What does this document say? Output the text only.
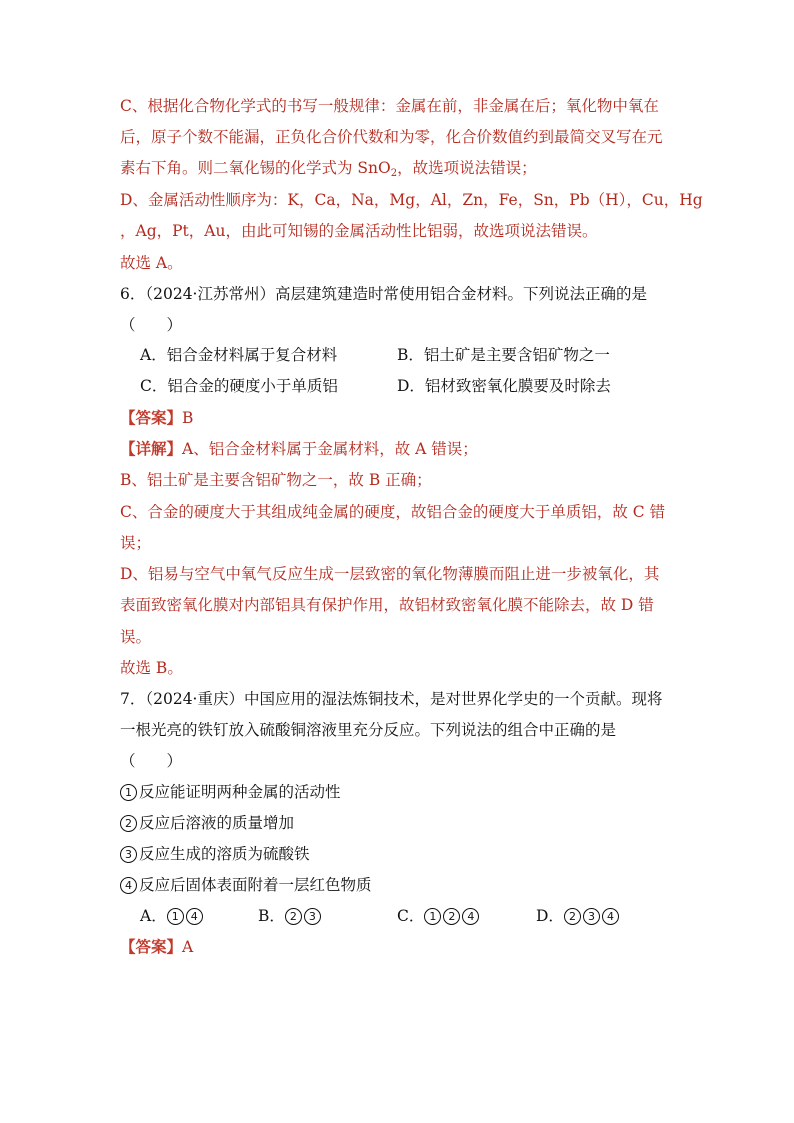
C、根据化合物化学式的书写一般规律：金属在前，非金属在后；氧化物中氧在
后，原子个数不能漏，正负化合价代数和为零，化合价数值约到最简交叉写在元
素右下角。则二氧化锡的化学式为 SnO$_2$，故选项说法错误；
D、金属活动性顺序为：K，Ca，Na，Mg，Al，Zn，Fe，Sn，Pb（H），Cu，Hg
，Ag，Pt，Au，由此可知锡的金属活动性比铝弱，故选项说法错误。
故选 A。
6．（2024·江苏常州）高层建筑建造时常使用铝合金材料。下列说法正确的是
（　　）
A．铝合金材料属于复合材料	B．铝土矿是主要含铝矿物之一
C．铝合金的硬度小于单质铝	D．铝材致密氧化膜要及时除去
【答案】B
【详解】A、铝合金材料属于金属材料，故 A 错误；
B、铝土矿是主要含铝矿物之一，故 B 正确；
C、合金的硬度大于其组成纯金属的硬度，故铝合金的硬度大于单质铝，故 C 错
误；
D、铝易与空气中氧气反应生成一层致密的氧化物薄膜而阻止进一步被氧化，其
表面致密氧化膜对内部铝具有保护作用，故铝材致密氧化膜不能除去，故 D 错
误。
故选 B。
7．（2024·重庆）中国应用的湿法炼铜技术，是对世界化学史的一个贡献。现将
一根光亮的铁钉放入硫酸铜溶液里充分反应。下列说法的组合中正确的是
（　　）
1 反应能证明两种金属的活动性
2 反应后溶液的质量增加
3 反应生成的溶质为硫酸铁
4 反应后固体表面附着一层红色物质
A． 1 4	B． 2 3	C． 1 2 4	D． 2 3 4
【答案】A
